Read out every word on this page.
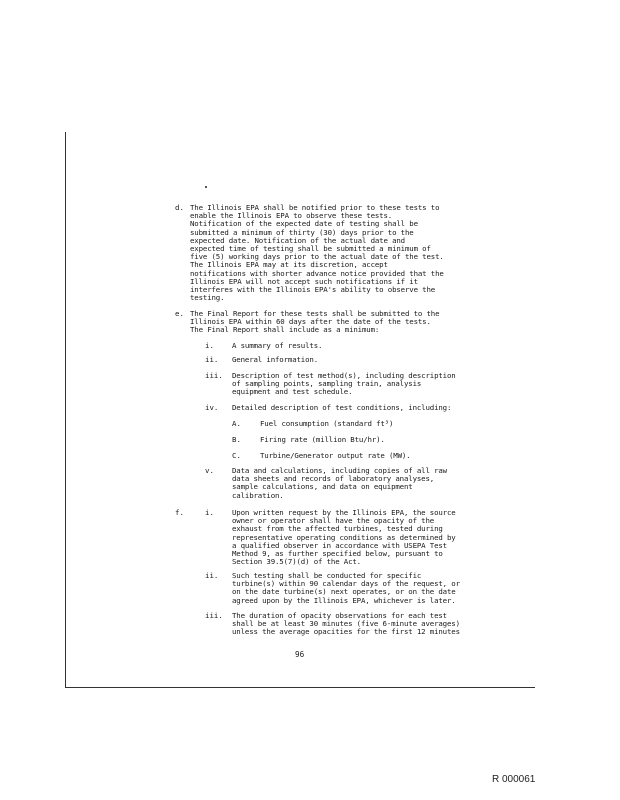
d. The Illinois EPA shall be notified prior to these tests to
enable the Illinois EPA to observe these tests.
Notification of the expected date of testing shall be
submitted a minimum of thirty (30) days prior to the
expected date. Notification of the actual date and
expected time of testing shall be submitted a minimum of
five (5) working days prior to the actual date of the test.
The Illinois EPA may at its discretion, accept
notifications with shorter advance notice provided that the
Illinois EPA will not accept such notifications if it
interferes with the Illinois EPA's ability to observe the
testing.
e. The Final Report for these tests shall be submitted to the
Illinois EPA within 60 days after the date of the tests.
The Final Report shall include as a minimum:
i. A summary of results.
ii. General information.
iii. Description of test method(s), including description
of sampling points, sampling train, analysis
equipment and test schedule.
iv. Detailed description of test conditions, including:
A.	Fuel consumption (standard ft³)
B.	Firing rate (million Btu/hr).
C.	Turbine/Generator output rate (MW).
v. Data and calculations, including copies of all raw
data sheets and records of laboratory analyses,
sample calculations, and data on equipment
calibration.
f.	i. Upon written request by the Illinois EPA, the source
owner or operator shall have the opacity of the
exhaust from the affected turbines, tested during
representative operating conditions as determined by
a qualified observer in accordance with USEPA Test
Method 9, as further specified below, pursuant to
Section 39.5(7)(d) of the Act.
ii. Such testing shall be conducted for specific
turbine(s) within 90 calendar days of the request, or
on the date turbine(s) next operates, or on the date
agreed upon by the Illinois EPA, whichever is later.
iii. The duration of opacity observations for each test
shall be at least 30 minutes (five 6-minute averages)
unless the average opacities for the first 12 minutes
96
R 000061
